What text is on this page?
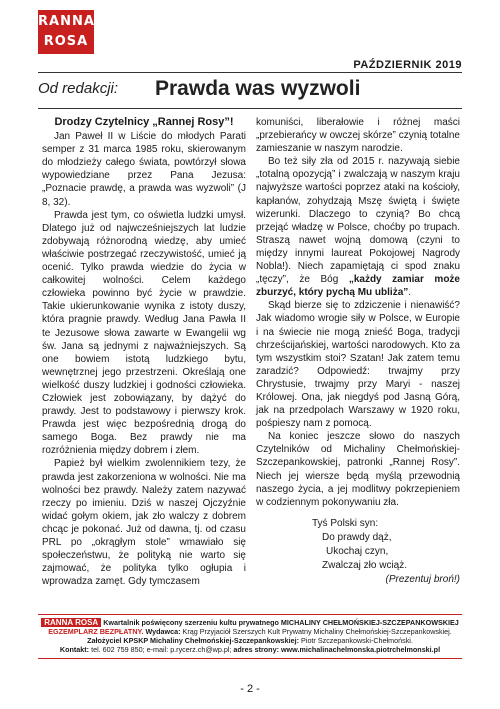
RANNA
ROSA
PAŹDZIERNIK 2019
Od redakcji: Prawda was wyzwoli

Drodzy Czytelnicy „Rannej Rosy”!

Jan Paweł II w Liście do młodych Parati semper z 31 marca 1985 roku, skierowanym do młodzieży całego świata, powtórzył słowa wypowiedziane przez Pana Jezusa: „Poznacie prawdę, a prawda was wyzwoli” (J 8, 32).

Prawda jest tym, co oświetla ludzki umysł. Dlatego już od najwcześniejszych lat ludzie zdobywają różnorodną wiedzę, aby umieć właściwie postrzegać rzeczywistość, umieć ją ocenić. Tylko prawda wiedzie do życia w całkowitej wolności. Celem każdego człowieka powinno być życie w prawdzie. Takie ukierunkowanie wynika z istoty duszy, która pragnie prawdy. Według Jana Pawła II te Jezusowe słowa zawarte w Ewangelii wg św. Jana są jednymi z najważniejszych. Są one bowiem istotą ludzkiego bytu, wewnętrznej jego przestrzeni. Określają one wielkość duszy ludzkiej i godności człowieka. Człowiek jest zobowiązany, by dążyć do prawdy. Jest to podstawowy i pierwszy krok. Prawda jest więc bezpośrednią drogą do samego Boga. Bez prawdy nie ma rozróżnienia między dobrem i złem.

Papież był wielkim zwolennikiem tezy, że prawda jest zakorzeniona w wolności. Nie ma wolności bez prawdy. Należy zatem nazywać rzeczy po imieniu. Dziś w naszej Ojczyźnie widać gołym okiem, jak zło walczy z dobrem chcąc je pokonać. Już od dawna, tj. od czasu PRL po „okrągłym stole” wmawiało się społeczeństwu, że polityką nie warto się zajmować, że polityka tylko ogłupia i wprowadza zamęt. Gdy tymczasem

komuniści, liberałowie i różnej maści „przebierańcy w owczej skórze” czynią totalne zamieszanie w naszym narodzie.

Bo też siły zła od 2015 r. nazywają siebie „totalną opozycją” i zwalczają w naszym kraju najwyższe wartości poprzez ataki na kościoły, kapłanów, zohydzają Mszę świętą i święte wizerunki. Dlaczego to czynią? Bo chcą przejąć władzę w Polsce, choćby po trupach. Straszą nawet wojną domową (czyni to między innymi laureat Pokojowej Nagrody Nobla!). Niech zapamiętają ci spod znaku „tęczy”, że Bóg „każdy zamiar może zburzyć, który pychą Mu ubliża”.

Skąd bierze się to zdziczenie i nienawiść? Jak wiadomo wrogie siły w Polsce, w Europie i na świecie nie mogą znieść Boga, tradycji chrześcijańskiej, wartości narodowych. Kto za tym wszystkim stoi? Szatan! Jak zatem temu zaradzić? Odpowiedź: trwajmy przy Chrystusie, trwajmy przy Maryi - naszej Królowej. Ona, jak niegdyś pod Jasną Górą, jak na przedpolach Warszawy w 1920 roku, pośpieszy nam z pomocą.

Na koniec jeszcze słowo do naszych Czytelników od Michaliny Chełmońskiej-Szczepankowskiej, patronki „Rannej Rosy”. Niech jej wiersze będą myślą przewodnią naszego życia, a jej modlitwy pokrzepieniem w codziennym pokonywaniu zła.

Tyś Polski syn:
Do prawdy dąż,
Ukochaj czyn,
Zwalczaj zło wciąż.

(Prezentuj broń!)

RANNA ROSA Kwartalnik poświęcony szerzeniu kultu prywatnego MICHALINY CHEŁMOŃSKIEJ-SZCZEPANKOWSKIEJ
EGZEMPLARZ BEZPŁATNY. Wydawca: Krąg Przyjaciół Szerszych Kult Prywatny Michaliny Chełmońskiej-Szczepankowskiej.
Założyciel KPSKP Michaliny Chełmońskiej-Szczepankowskiej: Piotr Szczepankowski-Chełmoński.
Kontakt: tel. 602 759 850; e-mail: p.rycerz.ch@wp.pl; adres strony: www.michalinachelmonska.piotrchelmonski.pl
- 2 -
